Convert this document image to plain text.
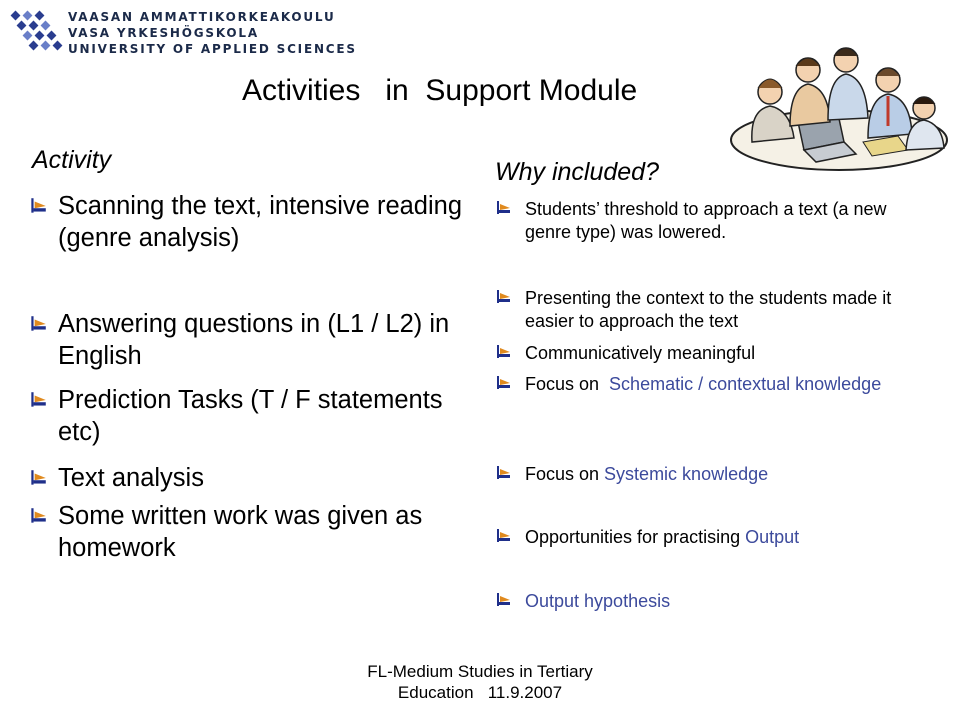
VAASAN AMMATTIKORKEAKOULU
VASA YRKESHÖGSKOLA
UNIVERSITY OF APPLIED SCIENCES
Activities   in  Support Module
Activity	Why included?
Scanning the text, intensive reading (genre analysis)
Answering questions in (L1 / L2) in English
Prediction Tasks (T / F statements etc)
Text analysis
Some written work was given as homework
Students’ threshold to approach a text (a new genre type) was lowered.
Presenting the context to the students made it easier to approach the text
Communicatively meaningful
Focus on  Schematic / contextual knowledge
Focus on Systemic knowledge
Opportunities for practising Output
Output hypothesis
FL-Medium Studies in Tertiary
Education   11.9.2007
